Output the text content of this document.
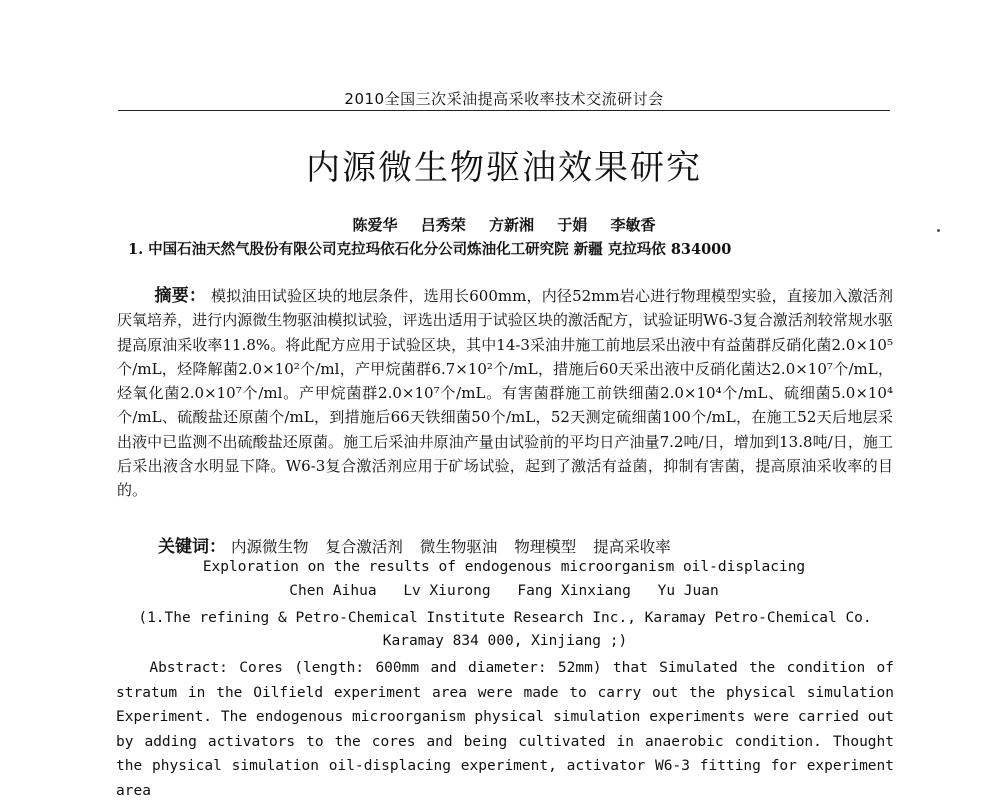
2010全国三次采油提高采收率技术交流研讨会
内源微生物驱油效果研究
陈爱华 吕秀荣 方新湘 于娟 李敏香
1. 中国石油天然气股份有限公司克拉玛依石化分公司炼油化工研究院 新疆 克拉玛依 834000
摘要： 模拟油田试验区块的地层条件，选用长600mm，内径52mm岩心进行物理模型实验，直接加入激活剂厌氧培养，进行内源微生物驱油模拟试验，评选出适用于试验区块的激活配方，试验证明W6-3复合激活剂较常规水驱提高原油采收率11.8%。将此配方应用于试验区块，其中14-3采油井施工前地层采出液中有益菌群反硝化菌2.0×10⁵个/mL，烃降解菌2.0×10²个/ml，产甲烷菌群6.7×10²个/mL，措施后60天采出液中反硝化菌达2.0×10⁷个/mL，烃氧化菌2.0×10⁷个/ml。产甲烷菌群2.0×10⁷个/mL。有害菌群施工前铁细菌2.0×10⁴个/mL、硫细菌5.0×10⁴个/mL、硫酸盐还原菌个/mL，到措施后66天铁细菌50个/mL，52天测定硫细菌100个/mL，在施工52天后地层采出液中已监测不出硫酸盐还原菌。施工后采油井原油产量由试验前的平均日产油量7.2吨/日，增加到13.8吨/日，施工后采出液含水明显下降。W6-3复合激活剂应用于矿场试验，起到了激活有益菌，抑制有害菌，提高原油采收率的目的。
关键词： 内源微生物 复合激活剂 微生物驱油 物理模型 提高采收率
Exploration on the results of endogenous microorganism oil-displacing
Chen Aihua Lv Xiurong Fang Xinxiang Yu Juan
(1.The refining & Petro-Chemical Institute Research Inc., Karamay Petro-Chemical Co. Karamay 834 000, Xinjiang ;)
Abstract: Cores (length: 600mm and diameter: 52mm) that Simulated the condition of stratum in the Oilfield experiment area were made to carry out the physical simulation Experiment. The endogenous microorganism physical simulation experiments were carried out by adding activators to the cores and being cultivated in anaerobic condition. Thought the physical simulation oil-displacing experiment, activator W6-3 fitting for experiment area
